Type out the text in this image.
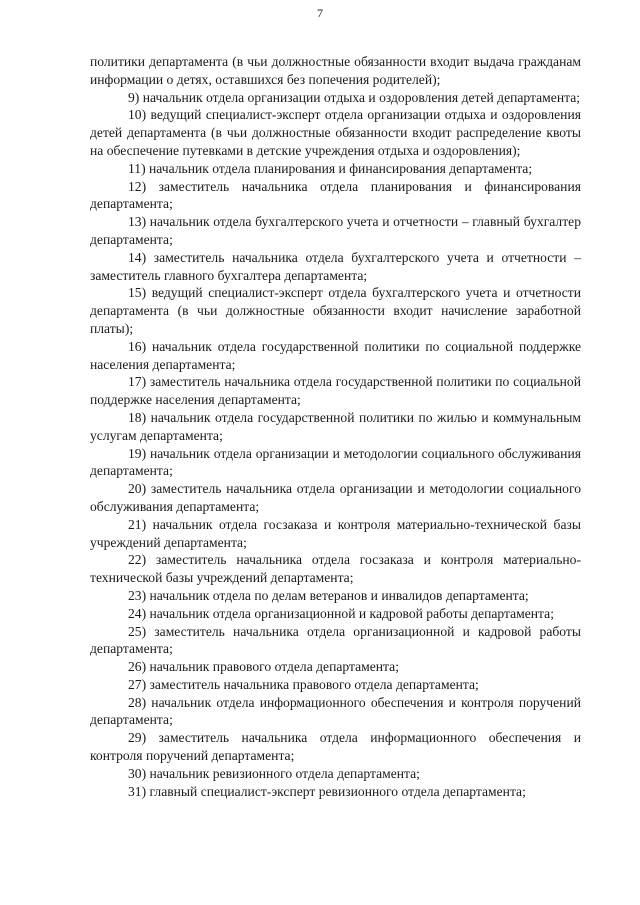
7

политики департамента (в чьи должностные обязанности входит выдача гражданам информации о детях, оставшихся без попечения родителей);

9) начальник отдела организации отдыха и оздоровления детей департамента;

10) ведущий специалист-эксперт отдела организации отдыха и оздоровления детей департамента (в чьи должностные обязанности входит распределение квоты на обеспечение путевками в детские учреждения отдыха и оздоровления);

11) начальник отдела планирования и финансирования департамента;

12) заместитель начальника отдела планирования и финансирования департамента;

13) начальник отдела бухгалтерского учета и отчетности – главный бухгалтер департамента;

14) заместитель начальника отдела бухгалтерского учета и отчетности – заместитель главного бухгалтера департамента;

15) ведущий специалист-эксперт отдела бухгалтерского учета и отчетности департамента (в чьи должностные обязанности входит начисление заработной платы);

16) начальник отдела государственной политики по социальной поддержке населения департамента;

17) заместитель начальника отдела государственной политики по социальной поддержке населения департамента;

18) начальник отдела государственной политики по жилью и коммунальным услугам департамента;

19) начальник отдела организации и методологии социального обслуживания департамента;

20) заместитель начальника отдела организации и методологии социального обслуживания департамента;

21) начальник отдела госзаказа и контроля материально-технической базы учреждений департамента;

22) заместитель начальника отдела госзаказа и контроля материально-технической базы учреждений департамента;

23) начальник отдела по делам ветеранов и инвалидов департамента;

24) начальник отдела организационной и кадровой работы департамента;

25) заместитель начальника отдела организационной и кадровой работы департамента;

26) начальник правового отдела департамента;

27) заместитель начальника правового отдела департамента;

28) начальник отдела информационного обеспечения и контроля поручений департамента;

29) заместитель начальника отдела информационного обеспечения и контроля поручений департамента;

30) начальник ревизионного отдела департамента;

31) главный специалист-эксперт ревизионного отдела департамента;
